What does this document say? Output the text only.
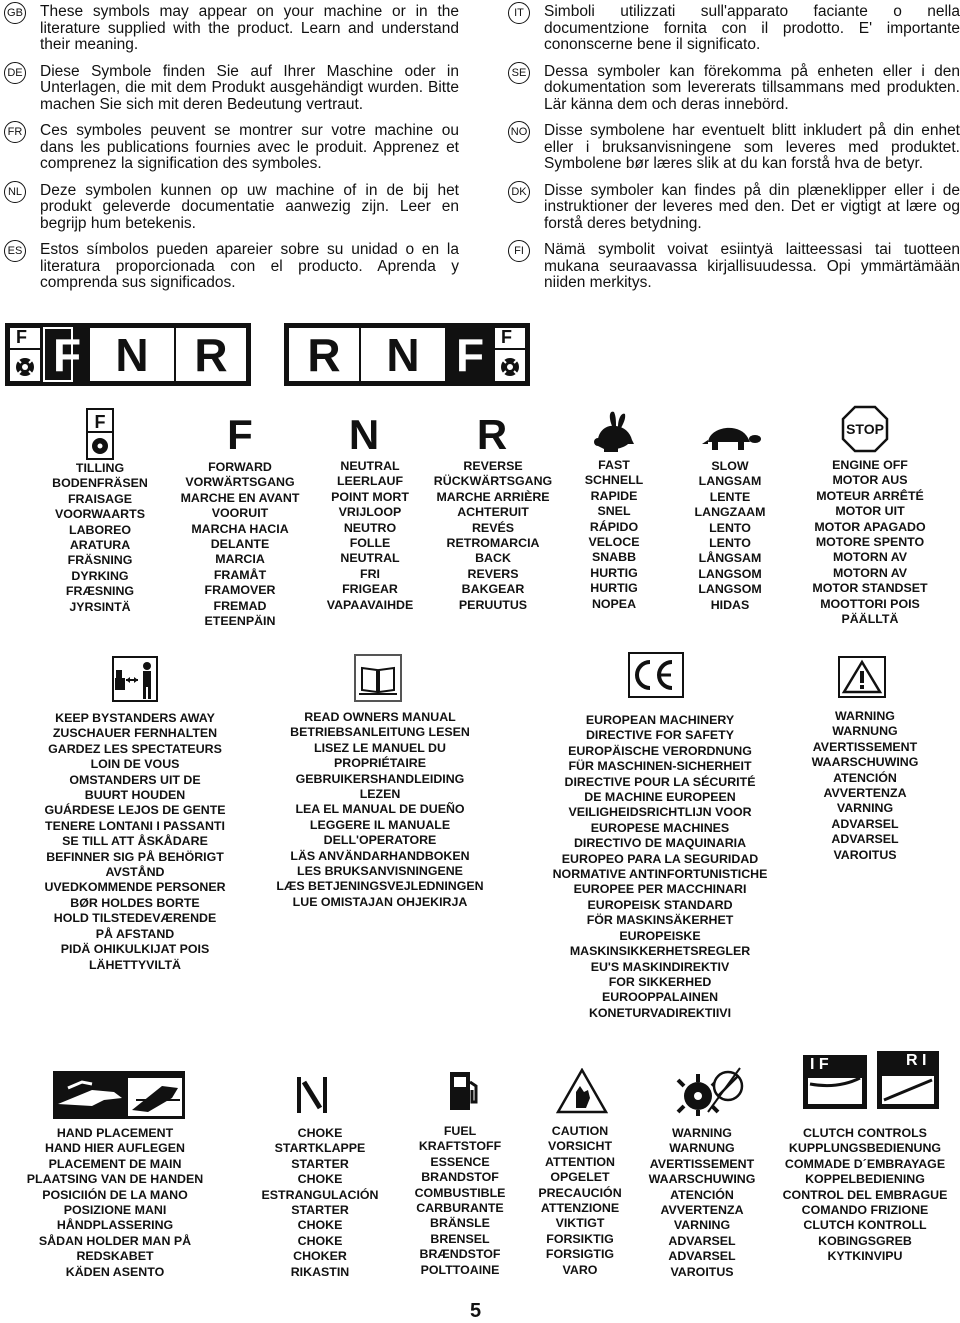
GB These symbols may appear on your machine or in the literature supplied with the product. Learn and understand their meaning.
DE Diese Symbole finden Sie auf Ihrer Maschine oder in Unterlagen, die mit dem Produkt ausgehändigt wurden. Bitte machen Sie sich mit deren Bedeutung vertraut.
FR Ces symboles peuvent se montrer sur votre machine ou dans les publications fournies avec le produit. Apprenez et comprenez la signification des symboles.
NL Deze symbolen kunnen op uw machine of in de bij het produkt geleverde documentatie aanwezig zijn. Leer en begrijp hum betekenis.
ES Estos símbolos pueden apareier sobre su unidad o en la literatura proporcionada con el producto. Aprenda y comprenda sus significados.
IT	Simboli utilizzati sull'apparato faciante o nella documentzione fornita con il prodotto. E' importante cononscerne bene il significato.
SE Dessa symboler kan förekomma på enheten eller i den dokumentation som levererats tillsammans med produkten. Lär känna dem och deras innebörd.
NO Disse symbolene har eventuelt blitt inkludert på din enhet eller i bruksanvisningene som leveres med produktet. Symbolene bør læres slik at du kan forstå hva de betyr.
DK Disse symboler kan findes på din plæneklipper eller i de instruktioner der leveres med den. Det er vigtigt at lære og forstå deres betydning.
FI	Nämä symbolit voivat esiintyä laitteessasi tai tuotteen mukana seuraavassa kirjallisuudessa. Opi ymmärtämään niiden merkitys.
F F N R	R N F F
F	F	N	R	STOP
TILLING
BODENFRÄSEN
FRAISAGE
VOORWAARTS
LABOREO
ARATURA
FRÄSNING
DYRKING
FRÆSNING
JYRSINTÄ
FORWARD
VORWÄRTSGANG
MARCHE EN AVANT
VOORUIT
MARCHA HACIA
DELANTE
MARCIA
FRAMÅT
FRAMOVER
FREMAD
ETEENPÄIN
NEUTRAL
LEERLAUF
POINT MORT
VRIJLOOP
NEUTRO
FOLLE
NEUTRAL
FRI
FRIGEAR
VAPAAVAIHDE
REVERSE
RÜCKWÄRTSGANG
MARCHE ARRIÈRE
ACHTERUIT
REVÉS
RETROMARCIA
BACK
REVERS
BAKGEAR
PERUUTUS
FAST
SCHNELL
RAPIDE
SNEL
RÁPIDO
VELOCE
SNABB
HURTIG
HURTIG
NOPEA
SLOW
LANGSAM
LENTE
LANGZAAM
LENTO
LENTO
LÅNGSAM
LANGSOM
LANGSOM
HIDAS
ENGINE OFF
MOTOR AUS
MOTEUR ARRÊTÉ
MOTOR UIT
MOTOR APAGADO
MOTORE SPENTO
MOTORN AV
MOTORN AV
MOTOR STANDSET
MOOTTORI POIS
PÄÄLLTÄ
KEEP BYSTANDERS AWAY
ZUSCHAUER FERNHALTEN
GARDEZ LES SPECTATEURS
LOIN DE VOUS
OMSTANDERS UIT DE
BUURT HOUDEN
GUÁRDESE LEJOS DE GENTE
TENERE LONTANI I PASSANTI
SE TILL ATT ÅSKÅDARE
BEFINNER SIG PÅ BEHÖRIGT
AVSTÅND
UVEDKOMMENDE PERSONER
BØR HOLDES BORTE
HOLD TILSTEDEVÆRENDE
PÅ AFSTAND
PIDÄ OHIKULKIJAT POIS
LÄHETTYVILTÄ
READ OWNERS MANUAL
BETRIEBSANLEITUNG LESEN
LISEZ LE MANUEL DU
PROPRIÉTAIRE
GEBRUIKERSHANDLEIDING
LEZEN
LEA EL MANUAL DE DUEÑO
LEGGERE IL MANUALE
DELL'OPERATORE
LÄS ANVÄNDARHANDBOKEN
LES BRUKSANVISNINGENE
LÆS BETJENINGSVEJLEDNINGEN
LUE OMISTAJAN OHJEKIRJA
EUROPEAN MACHINERY
DIRECTIVE FOR SAFETY
EUROPÄISCHE VERORDNUNG
FÜR MASCHINEN-SICHERHEIT
DIRECTIVE POUR LA SÉCURITÉ
DE MACHINE EUROPEEN
VEILIGHEIDSRICHTLIJN VOOR
EUROPESE MACHINES
DIRECTIVO DE MAQUINARIA
EUROPEO PARA LA SEGURIDAD
NORMATIVE ANTINFORTUNISTICHE
EUROPEE PER MACCHINARI
EUROPEISK STANDARD
FÖR MASKINSÄKERHET
EUROPEISKE
MASKINSIKKERHETSREGLER
EU'S MASKINDIREKTIV
FOR SIKKERHED
EUROOPPALAINEN
KONETURVADIREKTIIVI
WARNING
WARNUNG
AVERTISSEMENT
WAARSCHUWING
ATENCIÓN
AVVERTENZA
VARNING
ADVARSEL
ADVARSEL
VAROITUS
I F	R I
HAND PLACEMENT
HAND HIER AUFLEGEN
PLACEMENT DE MAIN
PLAATSING VAN DE HANDEN
POSICIIÓN DE LA MANO
POSIZIONE MANI
HÅNDPLASSERING
SÅDAN HOLDER MAN PÅ
REDSKABET
KÄDEN ASENTO
CHOKE
STARTKLAPPE
STARTER
CHOKE
ESTRANGULACIÓN
STARTER
CHOKE
CHOKE
CHOKER
RIKASTIN
FUEL
KRAFTSTOFF
ESSENCE
BRANDSTOF
COMBUSTIBLE
CARBURANTE
BRÄNSLE
BRENSEL
BRÆNDSTOF
POLTTOAINE
CAUTION
VORSICHT
ATTENTION
OPGELET
PRECAUCIÓN
ATTENZIONE
VIKTIGT
FORSIKTIG
FORSIGTIG
VARO
WARNING
WARNUNG
AVERTISSEMENT
WAARSCHUWING
ATENCIÓN
AVVERTENZA
VARNING
ADVARSEL
ADVARSEL
VAROITUS
CLUTCH CONTROLS
KUPPLUNGSBEDIENUNG
COMMADE D´EMBRAYAGE
KOPPELBEDIENING
CONTROL DEL EMBRAGUE
COMANDO FRIZIONE
CLUTCH KONTROLL
KOBINGSGREB
KYTKINVIPU
5
